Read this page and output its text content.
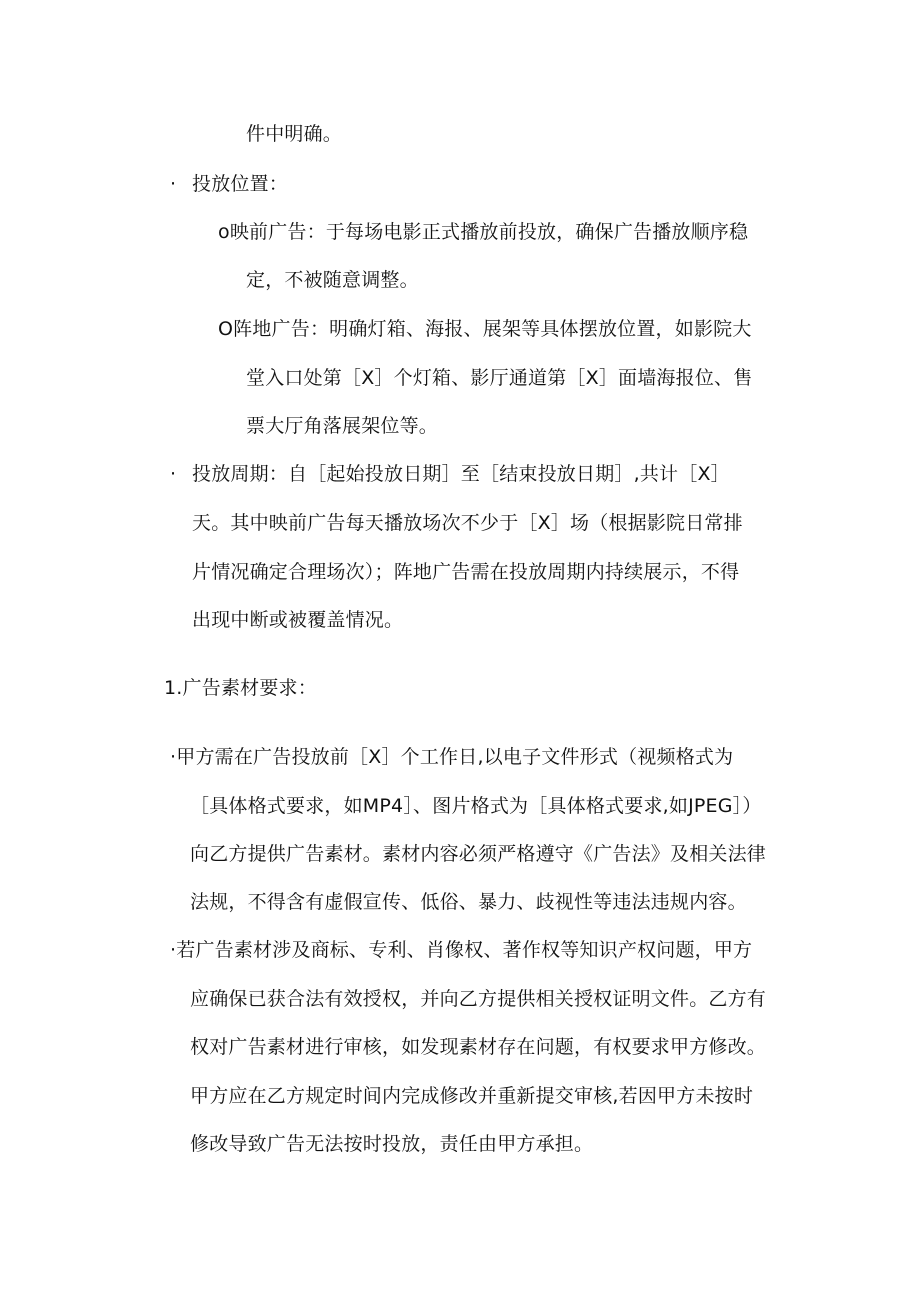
件中明确。
· 投放位置：
o映前广告：于每场电影正式播放前投放，确保广告播放顺序稳
定，不被随意调整。
O阵地广告：明确灯箱、海报、展架等具体摆放位置，如影院大
堂入口处第［X］个灯箱、影厅通道第［X］面墙海报位、售
票大厅角落展架位等。
· 投放周期：自［起始投放日期］至［结束投放日期］,共计［X］
天。其中映前广告每天播放场次不少于［X］场（根据影院日常排
片情况确定合理场次）；阵地广告需在投放周期内持续展示，不得
出现中断或被覆盖情况。
1.广告素材要求：
·甲方需在广告投放前［X］个工作日,以电子文件形式（视频格式为
［具体格式要求，如MP4］、图片格式为［具体格式要求,如JPEG］）
向乙方提供广告素材。素材内容必须严格遵守《广告法》及相关法律
法规，不得含有虚假宣传、低俗、暴力、歧视性等违法违规内容。
·若广告素材涉及商标、专利、肖像权、著作权等知识产权问题，甲方
应确保已获合法有效授权，并向乙方提供相关授权证明文件。乙方有
权对广告素材进行审核，如发现素材存在问题，有权要求甲方修改。
甲方应在乙方规定时间内完成修改并重新提交审核,若因甲方未按时
修改导致广告无法按时投放，责任由甲方承担。
